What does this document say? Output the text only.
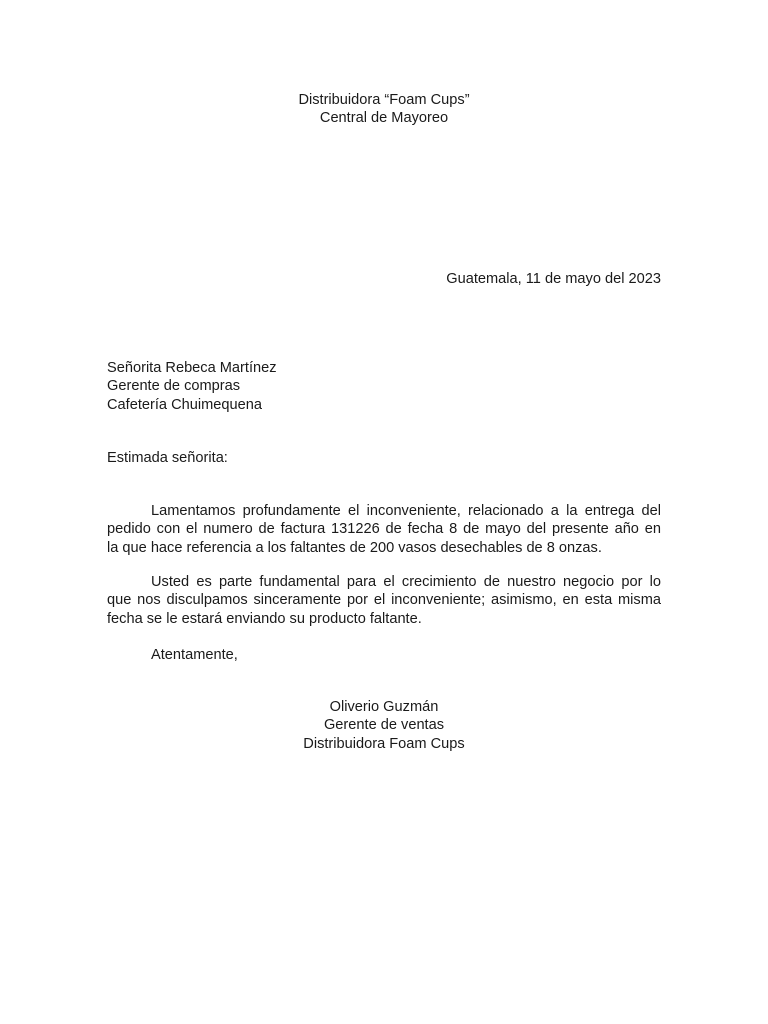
Distribuidora “Foam Cups”
Central de Mayoreo
Guatemala, 11 de mayo del 2023
Señorita Rebeca Martínez
Gerente de compras
Cafetería Chuimequena
Estimada señorita:
Lamentamos profundamente el inconveniente, relacionado a la entrega del
pedido con el numero de factura 131226 de fecha 8 de mayo del presente año en
la que hace referencia a los faltantes de 200 vasos desechables de 8 onzas.
Usted es parte fundamental para el crecimiento de nuestro negocio por lo
que nos disculpamos sinceramente por el inconveniente; asimismo, en esta misma
fecha se le estará enviando su producto faltante.
Atentamente,
Oliverio Guzmán
Gerente de ventas
Distribuidora Foam Cups
